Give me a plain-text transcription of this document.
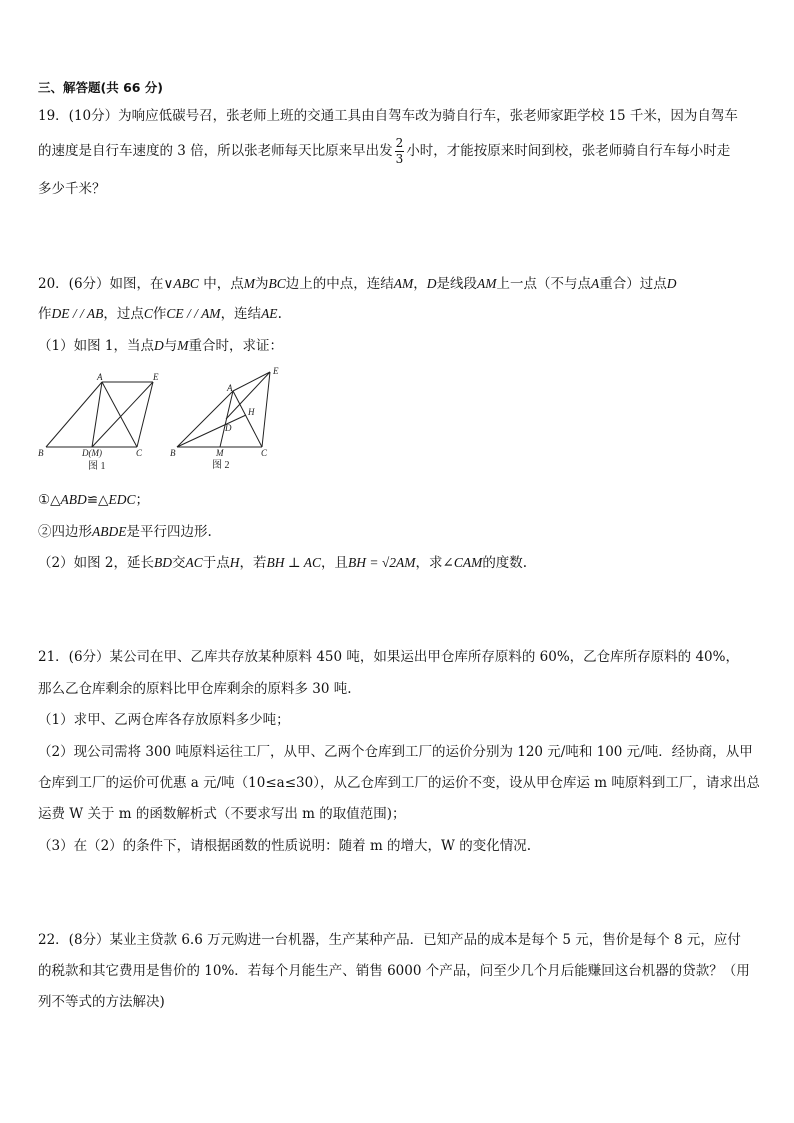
三、解答题(共 66 分)
19．(10分）为响应低碳号召，张老师上班的交通工具由自驾车改为骑自行车，张老师家距学校 15 千米，因为自驾车
的速度是自行车速度的 3 倍，所以张老师每天比原来早出发 $\frac{2}{3}$ 小时，才能按原来时间到校，张老师骑自行车每小时走
多少千米？
20．(6分）如图，在∨ABC 中，点M为BC边上的中点，连结AM，D是线段AM上一点（不与点A重合）过点D
作DE / / AB，过点C作CE / / AM，连结AE.
（1）如图 1，当点D与M重合时，求证：
A	E
B	D(M)	C
图 1
A
E
H
D
B	M	C
图 2
①△ABD≌△EDC；
②四边形ABDE是平行四边形.
（2）如图 2，延长BD交AC于点H，若BH ⊥ AC，且BH = √2AM，求∠CAM的度数.
21．(6分）某公司在甲、乙库共存放某种原料 450 吨，如果运出甲仓库所存原料的 60%，乙仓库所存原料的 40%，
那么乙仓库剩余的原料比甲仓库剩余的原料多 30 吨.
（1）求甲、乙两仓库各存放原料多少吨；
（2）现公司需将 300 吨原料运往工厂，从甲、乙两个仓库到工厂的运价分别为 120 元/吨和 100 元/吨．经协商，从甲
仓库到工厂的运价可优惠 a 元/吨（10≤a≤30），从乙仓库到工厂的运价不变，设从甲仓库运 m 吨原料到工厂，请求出总
运费 W 关于 m 的函数解析式（不要求写出 m 的取值范围)；
（3）在（2）的条件下，请根据函数的性质说明：随着 m 的增大，W 的变化情况.
22．(8分）某业主贷款 6.6 万元购进一台机器，生产某种产品．已知产品的成本是每个 5 元，售价是每个 8 元，应付
的税款和其它费用是售价的 10%．若每个月能生产、销售 6000 个产品，问至少几个月后能赚回这台机器的贷款？（用
列不等式的方法解决)
